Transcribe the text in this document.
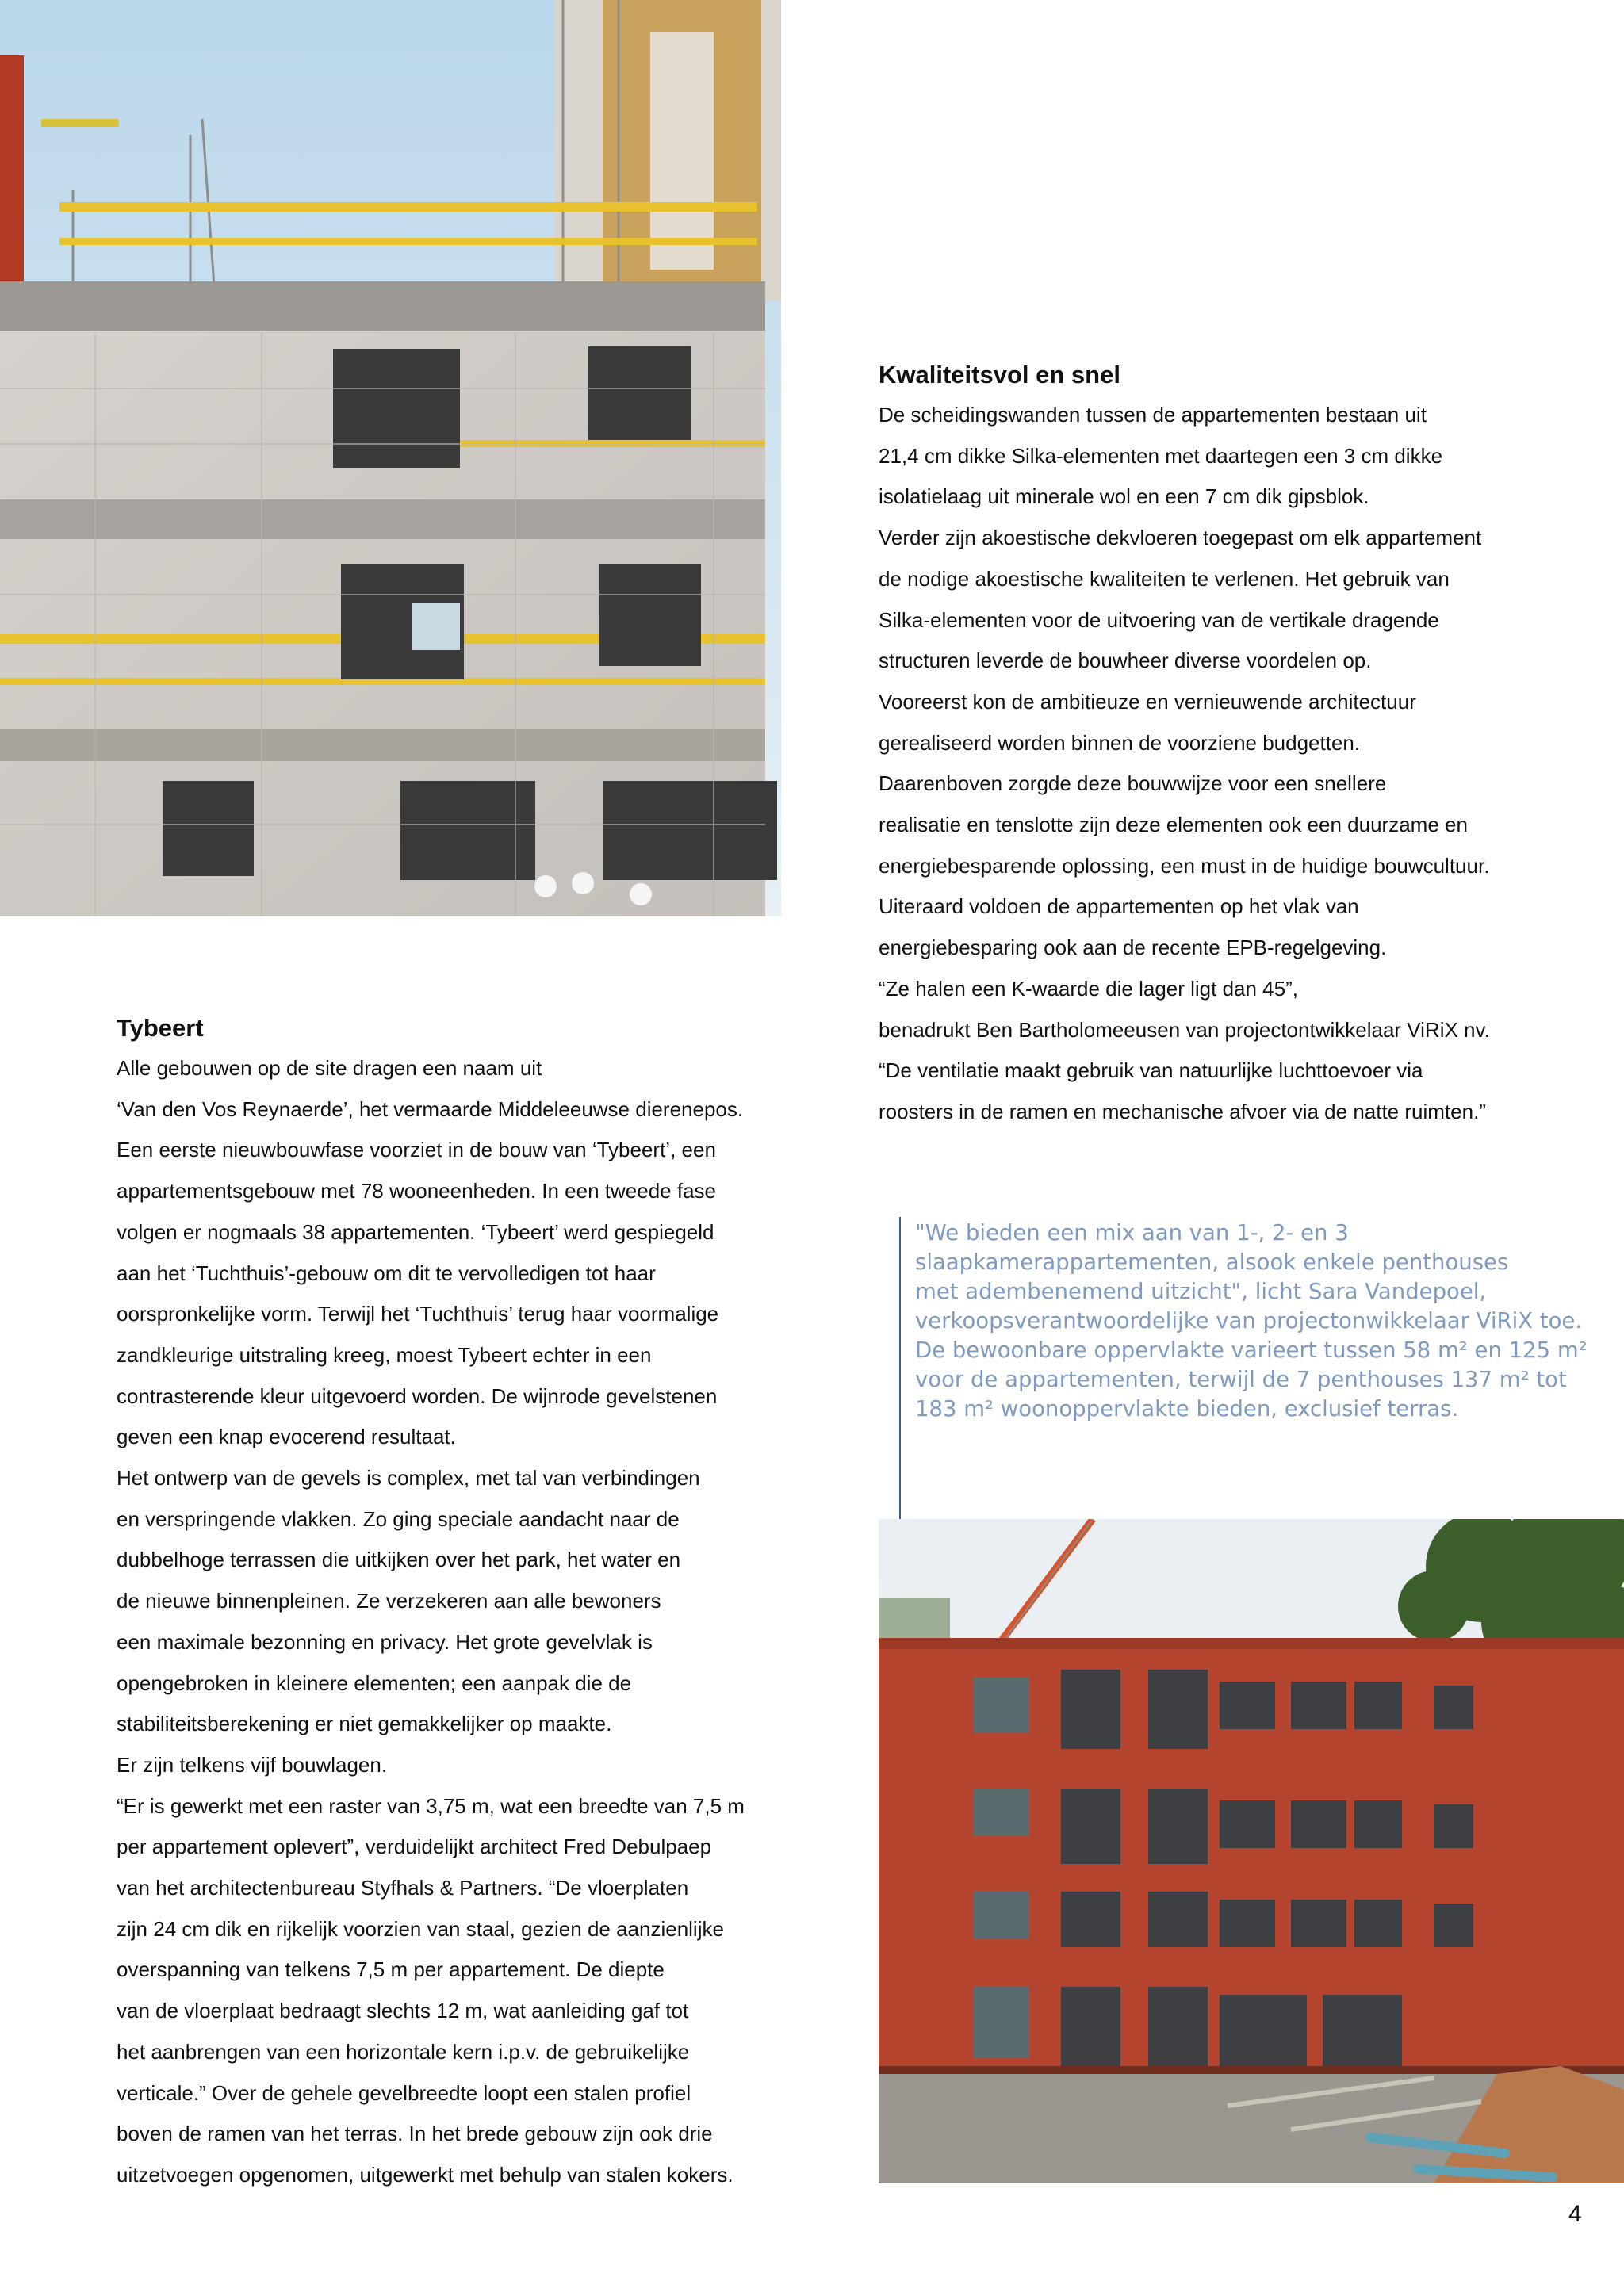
Tybeert
Alle gebouwen op de site dragen een naam uit
‘Van den Vos Reynaerde’, het vermaarde Middeleeuwse dierenepos.
Een eerste nieuwbouwfase voorziet in de bouw van ‘Tybeert’, een
appartementsgebouw met 78 wooneenheden. In een tweede fase
volgen er nogmaals 38 appartementen. ‘Tybeert’ werd gespiegeld
aan het ‘Tuchthuis’-gebouw om dit te vervolledigen tot haar
oorspronkelijke vorm. Terwijl het ‘Tuchthuis’ terug haar voormalige
zandkleurige uitstraling kreeg, moest Tybeert echter in een
contrasterende kleur uitgevoerd worden. De wijnrode gevelstenen
geven een knap evocerend resultaat.
Het ontwerp van de gevels is complex, met tal van verbindingen
en verspringende vlakken. Zo ging speciale aandacht naar de
dubbelhoge terrassen die uitkijken over het park, het water en
de nieuwe binnenpleinen. Ze verzekeren aan alle bewoners
een maximale bezonning en privacy. Het grote gevelvlak is
opengebroken in kleinere elementen; een aanpak die de
stabiliteitsberekening er niet gemakkelijker op maakte.
Er zijn telkens vijf bouwlagen.
“Er is gewerkt met een raster van 3,75 m, wat een breedte van 7,5 m
per appartement oplevert”, verduidelijkt architect Fred Debulpaep
van het architectenbureau Styfhals & Partners. “De vloerplaten
zijn 24 cm dik en rijkelijk voorzien van staal, gezien de aanzienlijke
overspanning van telkens 7,5 m per appartement. De diepte
van de vloerplaat bedraagt slechts 12 m, wat aanleiding gaf tot
het aanbrengen van een horizontale kern i.p.v. de gebruikelijke
verticale.” Over de gehele gevelbreedte loopt een stalen profiel
boven de ramen van het terras. In het brede gebouw zijn ook drie
uitzetvoegen opgenomen, uitgewerkt met behulp van stalen kokers.
Kwaliteitsvol en snel
De scheidingswanden tussen de appartementen bestaan uit
21,4 cm dikke Silka-elementen met daartegen een 3 cm dikke
isolatielaag uit minerale wol en een 7 cm dik gipsblok.
Verder zijn akoestische dekvloeren toegepast om elk appartement
de nodige akoestische kwaliteiten te verlenen. Het gebruik van
Silka-elementen voor de uitvoering van de vertikale dragende
structuren leverde de bouwheer diverse voordelen op.
Vooreerst kon de ambitieuze en vernieuwende architectuur
gerealiseerd worden binnen de voorziene budgetten.
Daarenboven zorgde deze bouwwijze voor een snellere
realisatie en tenslotte zijn deze elementen ook een duurzame en
energiebesparende oplossing, een must in de huidige bouwcultuur.
Uiteraard voldoen de appartementen op het vlak van
energiebesparing ook aan de recente EPB-regelgeving.
“Ze halen een K-waarde die lager ligt dan 45”,
benadrukt Ben Bartholomeeusen van projectontwikkelaar ViRiX nv.
“De ventilatie maakt gebruik van natuurlijke luchttoevoer via
roosters in de ramen en mechanische afvoer via de natte ruimten.”
"We bieden een mix aan van 1-, 2- en 3
slaapkamerappartementen, alsook enkele penthouses
met adembenemend uitzicht", licht Sara Vandepoel,
verkoopsverantwoordelijke van projectonwikkelaar ViRiX toe.
De bewoonbare oppervlakte varieert tussen 58 m² en 125 m²
voor de appartementen, terwijl de 7 penthouses 137 m² tot
183 m² woonoppervlakte bieden, exclusief terras.
4
